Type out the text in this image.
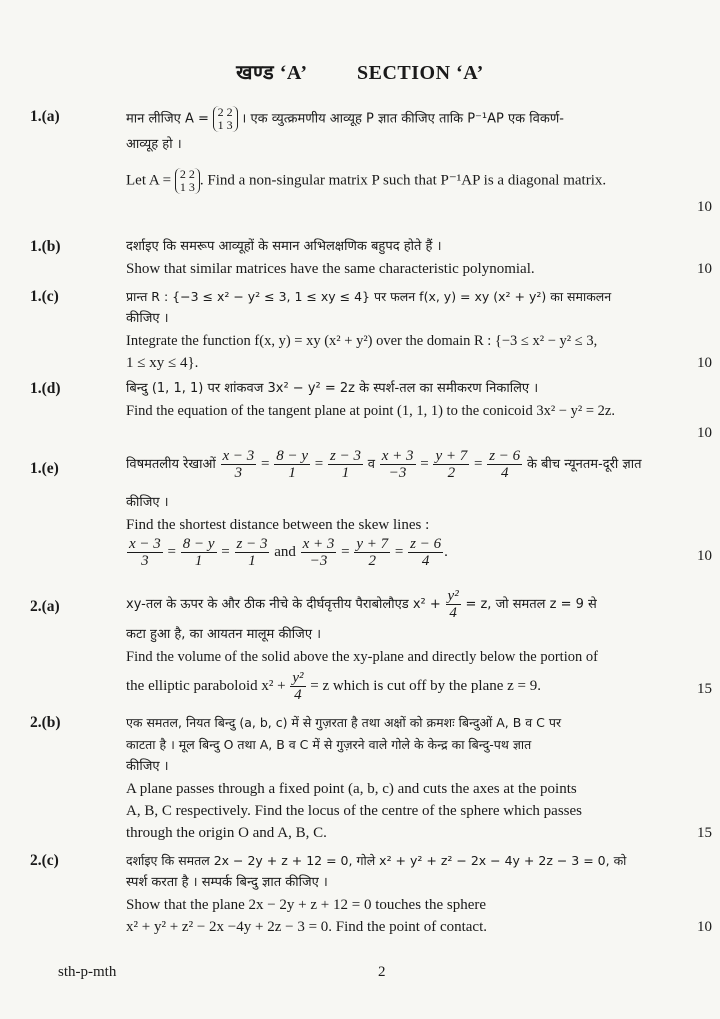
खण्ड ‘A’ SECTION ‘A’
1.(a)	मान लीजिए A = 2 2
1 3 । एक व्युत्क्रमणीय आव्यूह P ज्ञात कीजिए ताकि P⁻¹AP एक विकर्ण-
आव्यूह हो ।
Let A = 2 2
1 3 . Find a non-singular matrix P such that P⁻¹AP is a diagonal matrix.
10
1.(b)	दर्शाइए कि समरूप आव्यूहों के समान अभिलक्षणिक बहुपद होते हैं ।
Show that similar matrices have the same characteristic polynomial.	10
1.(c)	प्रान्त R : {−3 ≤ x² − y² ≤ 3, 1 ≤ xy ≤ 4} पर फलन f(x, y) = xy (x² + y²) का समाकलन
कीजिए ।
Integrate the function f(x, y) = xy (x² + y²) over the domain R : {−3 ≤ x² − y² ≤ 3,
1 ≤ xy ≤ 4}.	10
1.(d)	बिन्दु (1, 1, 1) पर शांकवज 3x² − y² = 2z के स्पर्श-तल का समीकरण निकालिए ।
Find the equation of the tangent plane at point (1, 1, 1) to the conicoid 3x² − y² = 2z.
10
1.(e)	विषमतलीय रेखाओं $\frac{x - 3}{3} = \frac{8 - y}{1} = \frac{z - 3}{1}$ व $\frac{x + 3}{-3} = \frac{y + 7}{2} = \frac{z - 6}{4}$ के बीच न्यूनतम-दूरी ज्ञात
कीजिए ।
Find the shortest distance between the skew lines :
$\frac{x - 3}{3} = \frac{8 - y}{1} = \frac{z - 3}{1}$ and $\frac{x + 3}{-3} = \frac{y + 7}{2} = \frac{z - 6}{4}$ .	10
2.(a)	xy-तल के ऊपर के और ठीक नीचे के दीर्घवृत्तीय पैराबोलौएड $x^2 + \frac{\text{y²}}{4} = z$, जो समतल z = 9 से
कटा हुआ है, का आयतन मालूम कीजिए ।
Find the volume of the solid above the xy-plane and directly below the portion of
the elliptic paraboloid $x^2 + \frac{\text{y²}}{4} = z$ which is cut off by the plane z = 9.	15
2.(b)	एक समतल, नियत बिन्दु (a, b, c) में से गुज़रता है तथा अक्षों को क्रमशः बिन्दुओं A, B व C पर
काटता है । मूल बिन्दु O तथा A, B व C में से गुज़रने वाले गोले के केन्द्र का बिन्दु-पथ ज्ञात
कीजिए ।
A plane passes through a fixed point (a, b, c) and cuts the axes at the points
A, B, C respectively. Find the locus of the centre of the sphere which passes
through the origin O and A, B, C.	15
2.(c)	दर्शाइए कि समतल 2x − 2y + z + 12 = 0, गोले x² + y² + z² − 2x − 4y + 2z − 3 = 0, को
स्पर्श करता है । सम्पर्क बिन्दु ज्ञात कीजिए ।
Show that the plane 2x − 2y + z + 12 = 0 touches the sphere
x² + y² + z² − 2x −4y + 2z − 3 = 0. Find the point of contact.	10
sth-p-mth	2
